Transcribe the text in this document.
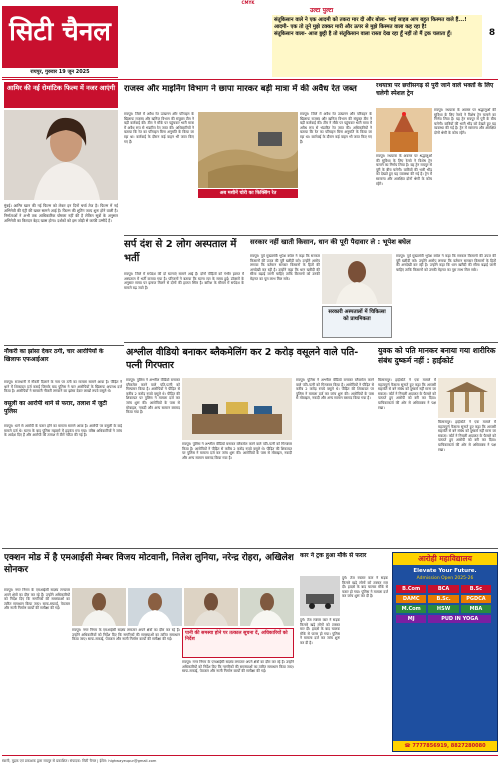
CMYK
सिटी चैनल
रायपुर, गुरुवार 19 जून 2025
उल्टा पुल्टा
संतूकिसान वाले ने एक आदमी को तकरा मार दी और बोला- भाई साहब आप बहुत किस्मत वाले हैं...!
आदमी- एक तो तूने मुझे टक्कर मारी और ऊपर से मुझे किस्मत वाला कह रहा है!
संतूकिसान वाला- आज छुट्टी है तो संतूकिसान वाला रास्ता देख रहा हूँ नहीं तो मैं ट्रक चलाता हूँ।	8
आमिर की नई रोमांटिक फिल्म में नजर आएंगी
मुंबई। आमिर खान की नई फिल्म को लेकर इन दिनों चर्चा तेज है। फिल्म में नई अभिनेत्री की एंट्री की खबर सामने आई है। फिल्म की शूटिंग जल्द शुरू होने वाली है। निर्माताओं ने अभी तक आधिकारिक घोषणा नहीं की है लेकिन सूत्रों के अनुसार अभिनेत्री का किरदार बेहद खास होगा। दर्शकों को इस जोड़ी से काफी उम्मीदें हैं।
नौकरी का झांसा देकर ठगी, चार आरोपियों के खिलाफ एफआईआर
रायपुर। राजधानी में नौकरी दिलाने के नाम पर ठगी का मामला सामने आया है। पीड़ित ने थाने में शिकायत दर्ज कराई जिसके बाद पुलिस ने चार आरोपियों के खिलाफ अपराध दर्ज किया है। आरोपियों ने सरकारी नौकरी लगवाने का झांसा देकर लाखों रुपये वसूले थे।
राजस्व और माइनिंग विभाग ने छापा मारकर बड़ी मात्रा में की अवैध रेत जब्त
रायपुर। जिले में अवैध रेत उत्खनन और परिवहन के खिलाफ राजस्व और खनिज विभाग की संयुक्त टीम ने बड़ी कार्रवाई की। टीम ने मौके पर पहुंचकर भारी मात्रा में अवैध रूप से भंडारित रेत जब्त की। अधिकारियों ने बताया कि रेत का परिवहन बिना अनुमति के किया जा रहा था। कार्रवाई के दौरान कई वाहन भी जब्त किए गए हैं।
अब मशीनें चोरी का फिक्सिंग रेत
रायपुर। जिले में अवैध रेत उत्खनन और परिवहन के खिलाफ राजस्व और खनिज विभाग की संयुक्त टीम ने बड़ी कार्रवाई की। टीम ने मौके पर पहुंचकर भारी मात्रा में अवैध रूप से भंडारित रेत जब्त की। अधिकारियों ने बताया कि रेत का परिवहन बिना अनुमति के किया जा रहा था। कार्रवाई के दौरान कई वाहन भी जब्त किए गए हैं।
रथयात्रा पर छत्तीसगढ़ से पुरी जाने वाले भक्तों के लिए चलेगी स्पेशल ट्रेन
रायपुर। रथयात्रा के अवसर पर श्रद्धालुओं की सुविधा के लिए रेलवे ने विशेष ट्रेन चलाने का निर्णय लिया है। यह ट्रेन रायपुर से पुरी के बीच चलेगी। यात्रियों की भारी भीड़ को देखते हुए यह व्यवस्था की गई है। ट्रेन में सामान्य और आरक्षित दोनों श्रेणी के कोच रहेंगे।
रायपुर। रथयात्रा के अवसर पर श्रद्धालुओं की सुविधा के लिए रेलवे ने विशेष ट्रेन चलाने का निर्णय लिया है। यह ट्रेन रायपुर से पुरी के बीच चलेगी। यात्रियों की भारी भीड़ को देखते हुए यह व्यवस्था की गई है। ट्रेन में सामान्य और आरक्षित दोनों श्रेणी के कोच रहेंगे।
सर्प दंश से 2 लोग अस्पताल में भर्ती
रायपुर। जिले में सर्पदंश की दो घटनाएं सामने आई हैं। दोनों पीड़ितों को गंभीर हालत में अस्पताल में भर्ती कराया गया है। परिजनों ने बताया कि घटना रात के समय हुई। डॉक्टरों के अनुसार समय पर इलाज मिलने से दोनों की हालत स्थिर है। बारिश के मौसम में सर्पदंश के मामले बढ़ जाते हैं।
सरकार नहीं खाती किसान, धान की पूरी पैदावार ले : भूपेश बघेल
रायपुर। पूर्व मुख्यमंत्री भूपेश बघेल ने कहा कि सरकार किसानों की उपज की पूरी खरीदी करे। उन्होंने आरोप लगाया कि वर्तमान सरकार किसानों के हितों की अनदेखी कर रही है। उन्होंने कहा कि धान खरीदी की सीमा बढ़ाई जानी चाहिए ताकि किसानों को उनकी मेहनत का पूरा लाभ मिल सके।
सरकारी अस्पतालों में चिकित्सा को प्राथमिकता
रायपुर। पूर्व मुख्यमंत्री भूपेश बघेल ने कहा कि सरकार किसानों की उपज की पूरी खरीदी करे। उन्होंने आरोप लगाया कि वर्तमान सरकार किसानों के हितों की अनदेखी कर रही है। उन्होंने कहा कि धान खरीदी की सीमा बढ़ाई जानी चाहिए ताकि किसानों को उनकी मेहनत का पूरा लाभ मिल सके।
वसूली का आरोपी थाने से फरार, तलाश में जुटी पुलिस
रायपुर। थाने से आरोपी के फरार होने का मामला सामने आया है। आरोपी पर वसूली के कई मामले दर्ज थे। घटना के बाद पुलिस महकमे में हड़कंप मच गया। वरिष्ठ अधिकारियों ने जांच के आदेश दिए हैं और आरोपी की तलाश में टीमें गठित की गई हैं।
अश्लील वीडियो बनाकर ब्लैकमेलिंग कर 2 करोड़ वसूलने वाले पति-पत्नी गिरफ्तार
रायपुर। पुलिस ने अश्लील वीडियो बनाकर ब्लैकमेल करने वाले पति-पत्नी को गिरफ्तार किया है। आरोपियों ने पीड़ित से करीब 2 करोड़ रुपये वसूले थे। पीड़ित की शिकायत पर पुलिस ने मामला दर्ज कर जांच शुरू की। आरोपियों के पास से मोबाइल, नकदी और अन्य सामान बरामद किया गया है।
रायपुर। पुलिस ने अश्लील वीडियो बनाकर ब्लैकमेल करने वाले पति-पत्नी को गिरफ्तार किया है। आरोपियों ने पीड़ित से करीब 2 करोड़ रुपये वसूले थे। पीड़ित की शिकायत पर पुलिस ने मामला दर्ज कर जांच शुरू की। आरोपियों के पास से मोबाइल, नकदी और अन्य सामान बरामद किया गया है।
रायपुर। पुलिस ने अश्लील वीडियो बनाकर ब्लैकमेल करने वाले पति-पत्नी को गिरफ्तार किया है। आरोपियों ने पीड़ित से करीब 2 करोड़ रुपये वसूले थे। पीड़ित की शिकायत पर पुलिस ने मामला दर्ज कर जांच शुरू की। आरोपियों के पास से मोबाइल, नकदी और अन्य सामान बरामद किया गया है।
युवक को पति मानकर बनाया गया शारीरिक संबंध दुष्कर्म नहीं : हाईकोर्ट
बिलासपुर। हाईकोर्ट ने एक मामले में महत्वपूर्ण फैसला सुनाते हुए कहा कि आपसी सहमति से बने संबंध को दुष्कर्म नहीं माना जा सकता। कोर्ट ने निचली अदालत के फैसले को पलटते हुए आरोपी को बरी कर दिया। याचिकाकर्ता की ओर से अधिवक्ता ने पक्ष रखा।
बिलासपुर। हाईकोर्ट ने एक मामले में महत्वपूर्ण फैसला सुनाते हुए कहा कि आपसी सहमति से बने संबंध को दुष्कर्म नहीं माना जा सकता। कोर्ट ने निचली अदालत के फैसले को पलटते हुए आरोपी को बरी कर दिया। याचिकाकर्ता की ओर से अधिवक्ता ने पक्ष रखा।
एक्शन मोड में है एमआईसी मेम्बर विजय मोटवानी, निलेश लुनिया, नरेन्द्र रोहरा, अखिलेश सोनकर
रायपुर। नगर निगम के एमआईसी सदस्य लगातार अपने क्षेत्रों का दौरा कर रहे हैं। उन्होंने अधिकारियों को निर्देश दिए कि नागरिकों की समस्याओं का त्वरित समाधान किया जाए। साफ-सफाई, पेयजल और नाली निर्माण कार्यों की समीक्षा की गई।
रायपुर। नगर निगम के एमआईसी सदस्य लगातार अपने क्षेत्रों का दौरा कर रहे हैं। उन्होंने अधिकारियों को निर्देश दिए कि नागरिकों की समस्याओं का त्वरित समाधान किया जाए। साफ-सफाई, पेयजल और नाली निर्माण कार्यों की समीक्षा की गई।
पानी की समस्या होने पर तत्काल सूचना दें, अधिकारियों को निर्देश
रायपुर। नगर निगम के एमआईसी सदस्य लगातार अपने क्षेत्रों का दौरा कर रहे हैं। उन्होंने अधिकारियों को निर्देश दिए कि नागरिकों की समस्याओं का त्वरित समाधान किया जाए। साफ-सफाई, पेयजल और नाली निर्माण कार्यों की समीक्षा की गई।
कार ने ट्रक हुआ मौके से फरार
दुर्ग। तेज रफ्तार कार ने सड़क किनारे खड़े लोगों को टक्कर मार दी। हादसे के बाद चालक मौके से फरार हो गया। पुलिस ने मामला दर्ज कर जांच शुरू कर दी है।
दुर्ग। तेज रफ्तार कार ने सड़क किनारे खड़े लोगों को टक्कर मार दी। हादसे के बाद चालक मौके से फरार हो गया। पुलिस ने मामला दर्ज कर जांच शुरू कर दी है।
आरोही महाविद्यालय
Elevate Your Future.
Admission Open 2025-26
B.Com	BCA	B.Sc
DAMC	B.Sc.	PGDCA
M.Com	HSW	MBA
MJ	PUD IN YOGA
☎ 7777856919, 8827280080
स्वामी, मुद्रक एवं प्रकाशक द्वारा रायपुर से प्रकाशित। संपादक: सिटी चैनल | ईमेल: highwayeupur@gmail.com
